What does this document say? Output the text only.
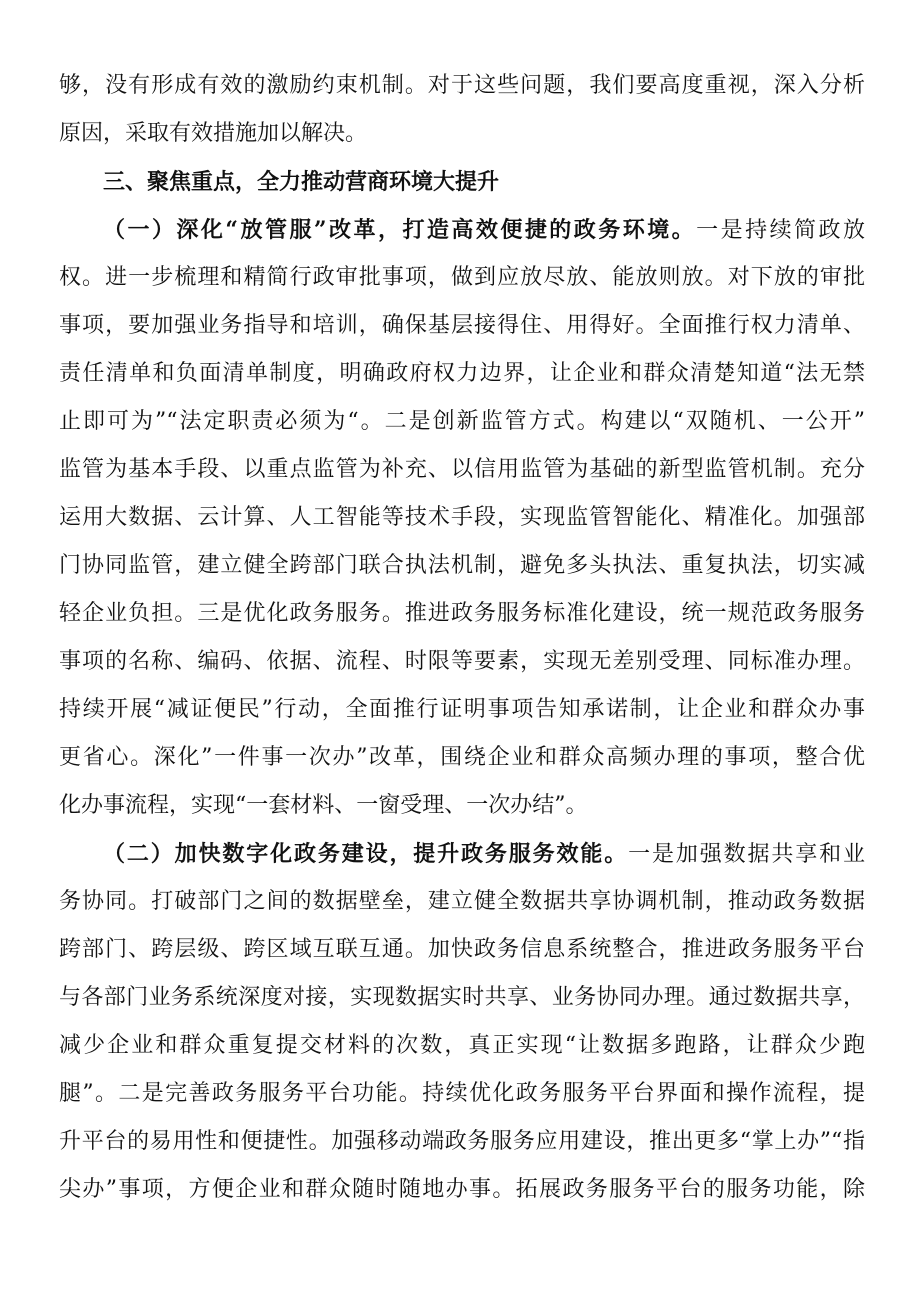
够，没有形成有效的激励约束机制。对于这些问题，我们要高度重视，深入分析
原因，采取有效措施加以解决。
三、聚焦重点，全力推动营商环境大提升
（一）深化“放管服”改革，打造高效便捷的政务环境。一是持续简政放
权。进一步梳理和精简行政审批事项，做到应放尽放、能放则放。对下放的审批
事项，要加强业务指导和培训，确保基层接得住、用得好。全面推行权力清单、
责任清单和负面清单制度，明确政府权力边界，让企业和群众清楚知道“法无禁
止即可为”“法定职责必须为“。二是创新监管方式。构建以“双随机、一公开”
监管为基本手段、以重点监管为补充、以信用监管为基础的新型监管机制。充分
运用大数据、云计算、人工智能等技术手段，实现监管智能化、精准化。加强部
门协同监管，建立健全跨部门联合执法机制，避免多头执法、重复执法，切实减
轻企业负担。三是优化政务服务。推进政务服务标准化建设，统一规范政务服务
事项的名称、编码、依据、流程、时限等要素，实现无差别受理、同标准办理。
持续开展“减证便民”行动，全面推行证明事项告知承诺制，让企业和群众办事
更省心。深化”一件事一次办”改革，围绕企业和群众高频办理的事项，整合优
化办事流程，实现“一套材料、一窗受理、一次办结”。
（二）加快数字化政务建设，提升政务服务效能。一是加强数据共享和业
务协同。打破部门之间的数据壁垒，建立健全数据共享协调机制，推动政务数据
跨部门、跨层级、跨区域互联互通。加快政务信息系统整合，推进政务服务平台
与各部门业务系统深度对接，实现数据实时共享、业务协同办理。通过数据共享，
减少企业和群众重复提交材料的次数，真正实现“让数据多跑路，让群众少跑
腿”。二是完善政务服务平台功能。持续优化政务服务平台界面和操作流程，提
升平台的易用性和便捷性。加强移动端政务服务应用建设，推出更多“掌上办”“指
尖办”事项，方便企业和群众随时随地办事。拓展政务服务平台的服务功能，除
